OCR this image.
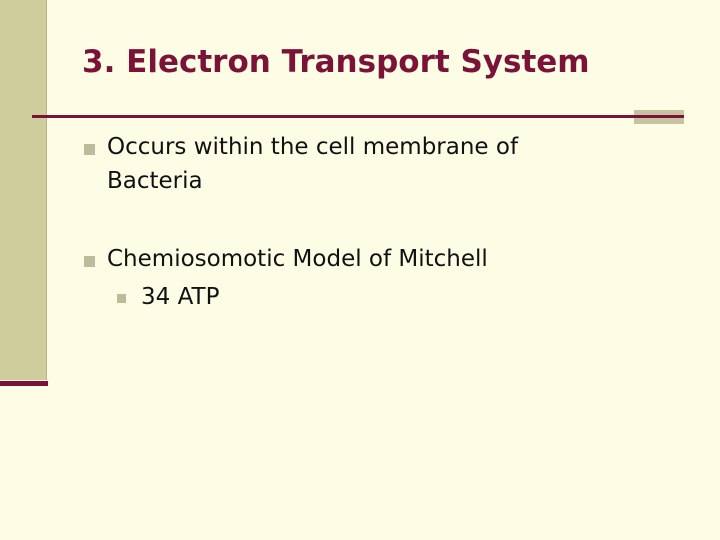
3. Electron Transport System
Occurs within the cell membrane of
Bacteria
Chemiosomotic Model of Mitchell
34 ATP
